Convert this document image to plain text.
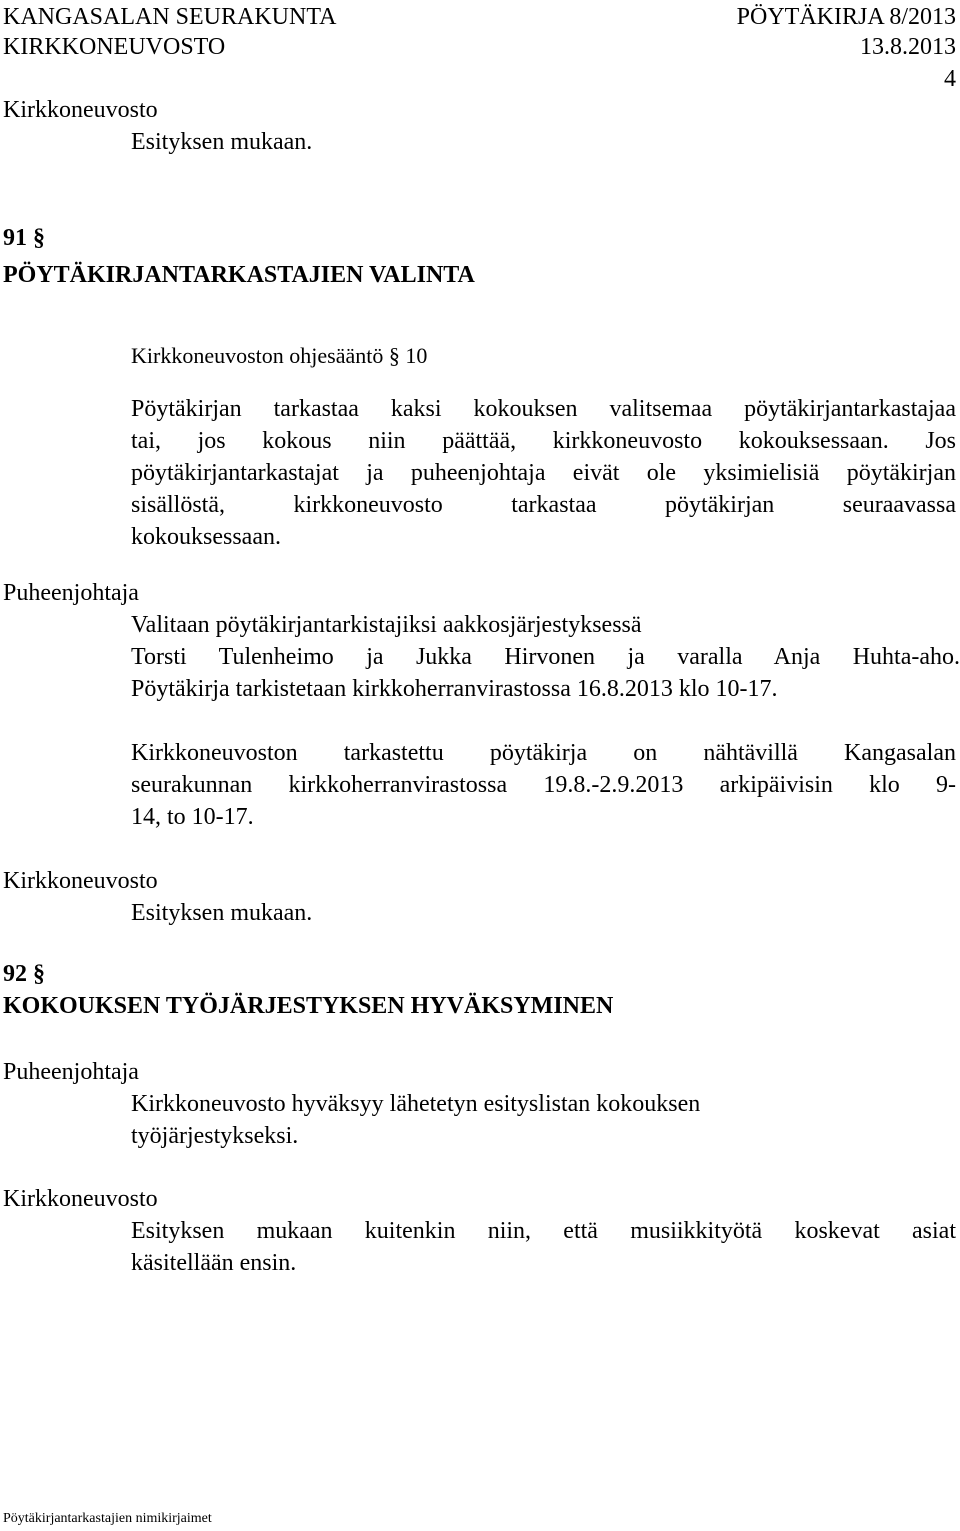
KANGASALAN SEURAKUNTA	PÖYTÄKIRJA 8/2013
KIRKKONEUVOSTO	13.8.2013
4
Kirkkoneuvosto
Esityksen mukaan.
91 §
PÖYTÄKIRJANTARKASTAJIEN VALINTA
Kirkkoneuvoston ohjesääntö § 10
Pöytäkirjan tarkastaa kaksi kokouksen valitsemaa pöytäkirjantarkastajaa
tai, jos kokous niin päättää, kirkkoneuvosto kokouksessaan. Jos
pöytäkirjantarkastajat ja puheenjohtaja eivät ole yksimielisiä pöytäkirjan
sisällöstä, kirkkoneuvosto tarkastaa pöytäkirjan seuraavassa
kokouksessaan.
Puheenjohtaja
Valitaan pöytäkirjantarkistajiksi aakkosjärjestyksessä
Torsti Tulenheimo ja Jukka Hirvonen ja varalla Anja Huhta-aho.
Pöytäkirja tarkistetaan kirkkoherranvirastossa 16.8.2013 klo 10-17.
Kirkkoneuvoston tarkastettu pöytäkirja on nähtävillä Kangasalan
seurakunnan kirkkoherranvirastossa 19.8.-2.9.2013 arkipäivisin klo 9-
14, to 10-17.
Kirkkoneuvosto
Esityksen mukaan.
92 §
KOKOUKSEN TYÖJÄRJESTYKSEN HYVÄKSYMINEN
Puheenjohtaja
Kirkkoneuvosto hyväksyy lähetetyn esityslistan kokouksen
työjärjestykseksi.
Kirkkoneuvosto
Esityksen mukaan kuitenkin niin, että musiikkityötä koskevat asiat
käsitellään ensin.
Pöytäkirjantarkastajien nimikirjaimet
